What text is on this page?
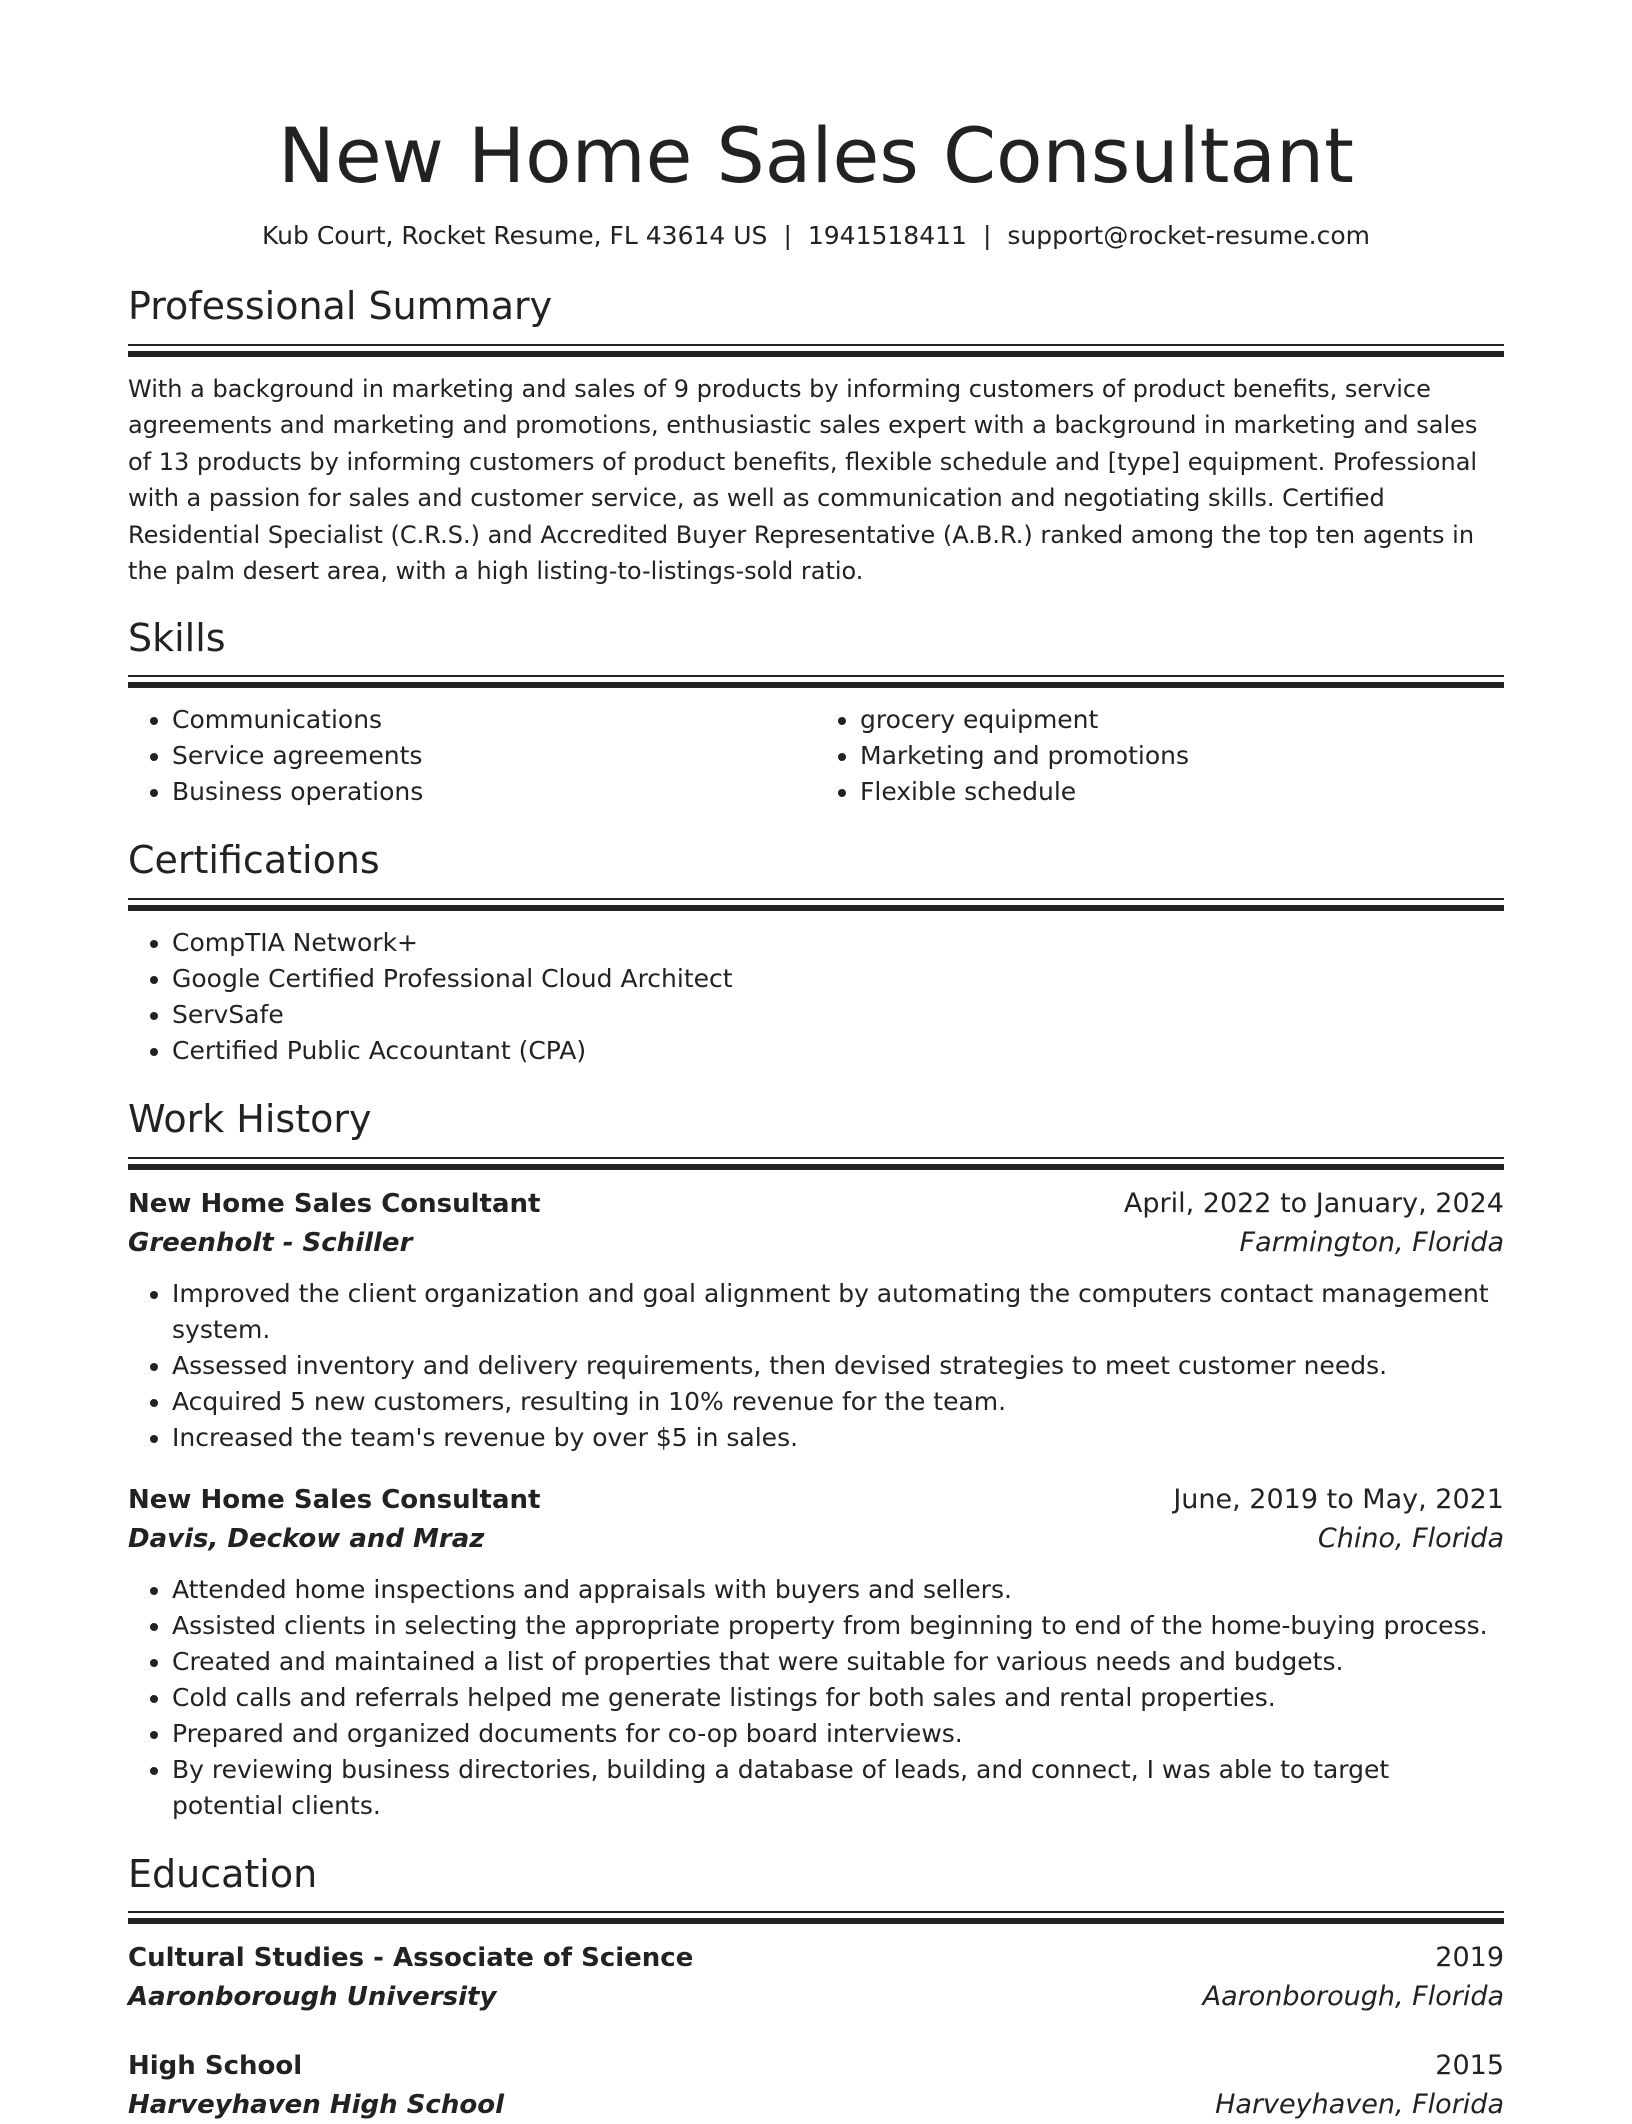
New Home Sales Consultant
Kub Court, Rocket Resume, FL 43614 US | 1941518411 | support@rocket-resume.com
Professional Summary
With a background in marketing and sales of 9 products by informing customers of product benefits, service agreements and marketing and promotions, enthusiastic sales expert with a background in marketing and sales of 13 products by informing customers of product benefits, flexible schedule and [type] equipment. Professional with a passion for sales and customer service, as well as communication and negotiating skills. Certified Residential Specialist (C.R.S.) and Accredited Buyer Representative (A.B.R.) ranked among the top ten agents in the palm desert area, with a high listing-to-listings-sold ratio.
Skills
• Communications
• Service agreements
• Business operations
• grocery equipment
• Marketing and promotions
• Flexible schedule
Certifications
• CompTIA Network+
• Google Certified Professional Cloud Architect
• ServSafe
• Certified Public Accountant (CPA)
Work History
New Home Sales Consultant	April, 2022 to January, 2024
Greenholt - Schiller	Farmington, Florida
• Improved the client organization and goal alignment by automating the computers contact management system.
• Assessed inventory and delivery requirements, then devised strategies to meet customer needs.
• Acquired 5 new customers, resulting in 10% revenue for the team.
• Increased the team's revenue by over $5 in sales.
New Home Sales Consultant	June, 2019 to May, 2021
Davis, Deckow and Mraz	Chino, Florida
• Attended home inspections and appraisals with buyers and sellers.
• Assisted clients in selecting the appropriate property from beginning to end of the home-buying process.
• Created and maintained a list of properties that were suitable for various needs and budgets.
• Cold calls and referrals helped me generate listings for both sales and rental properties.
• Prepared and organized documents for co-op board interviews.
• By reviewing business directories, building a database of leads, and connect, I was able to target potential clients.
Education
Cultural Studies - Associate of Science	2019
Aaronborough University	Aaronborough, Florida
High School	2015
Harveyhaven High School	Harveyhaven, Florida
